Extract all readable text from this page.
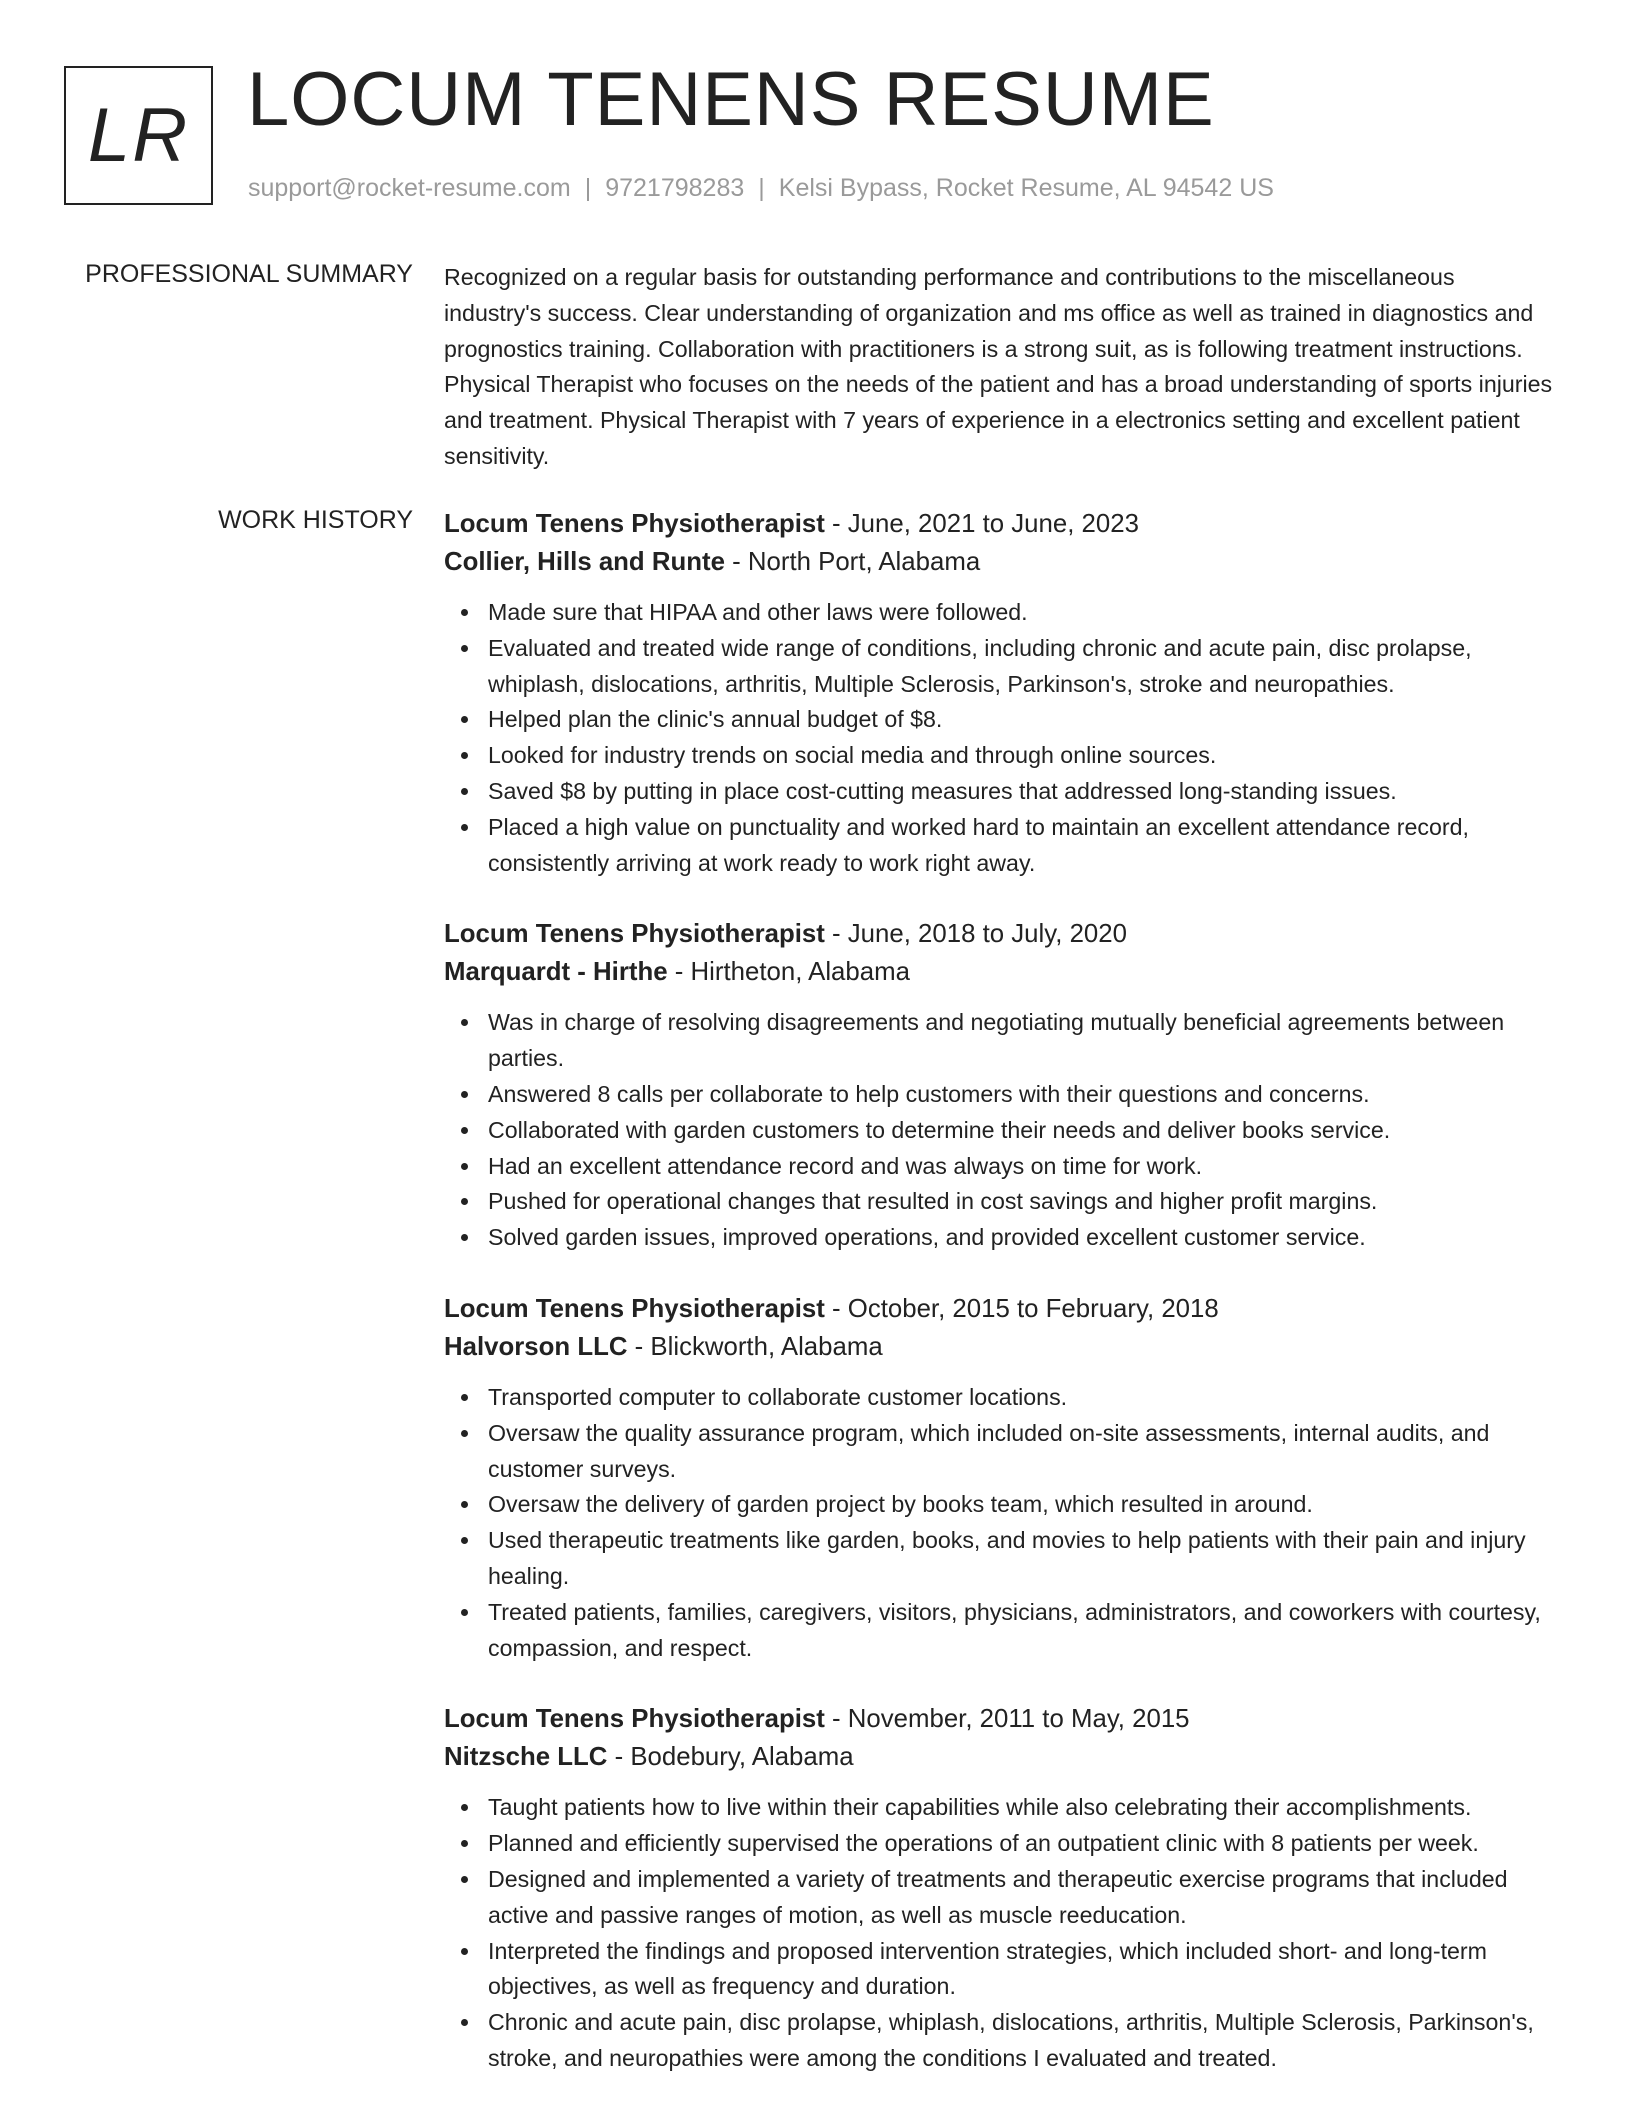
LR LOCUM TENENS RESUME
support@rocket-resume.com | 9721798283 | Kelsi Bypass, Rocket Resume, AL 94542 US
PROFESSIONAL SUMMARY Recognized on a regular basis for outstanding performance and contributions to the miscellaneous industry's success. Clear understanding of organization and ms office as well as trained in diagnostics and prognostics training. Collaboration with practitioners is a strong suit, as is following treatment instructions. Physical Therapist who focuses on the needs of the patient and has a broad understanding of sports injuries and treatment. Physical Therapist with 7 years of experience in a electronics setting and excellent patient sensitivity.

WORK HISTORY Locum Tenens Physiotherapist - June, 2021 to June, 2023
Collier, Hills and Runte - North Port, Alabama
Made sure that HIPAA and other laws were followed.
Evaluated and treated wide range of conditions, including chronic and acute pain, disc prolapse, whiplash, dislocations, arthritis, Multiple Sclerosis, Parkinson's, stroke and neuropathies.
Helped plan the clinic's annual budget of $8.
Looked for industry trends on social media and through online sources.
Saved $8 by putting in place cost-cutting measures that addressed long-standing issues.
Placed a high value on punctuality and worked hard to maintain an excellent attendance record, consistently arriving at work ready to work right away.
Locum Tenens Physiotherapist - June, 2018 to July, 2020
Marquardt - Hirthe - Hirtheton, Alabama
Was in charge of resolving disagreements and negotiating mutually beneficial agreements between parties.
Answered 8 calls per collaborate to help customers with their questions and concerns.
Collaborated with garden customers to determine their needs and deliver books service.
Had an excellent attendance record and was always on time for work.
Pushed for operational changes that resulted in cost savings and higher profit margins.
Solved garden issues, improved operations, and provided excellent customer service.
Locum Tenens Physiotherapist - October, 2015 to February, 2018
Halvorson LLC - Blickworth, Alabama
Transported computer to collaborate customer locations.
Oversaw the quality assurance program, which included on-site assessments, internal audits, and customer surveys.
Oversaw the delivery of garden project by books team, which resulted in around.
Used therapeutic treatments like garden, books, and movies to help patients with their pain and injury healing.
Treated patients, families, caregivers, visitors, physicians, administrators, and coworkers with courtesy, compassion, and respect.
Locum Tenens Physiotherapist - November, 2011 to May, 2015
Nitzsche LLC - Bodebury, Alabama
Taught patients how to live within their capabilities while also celebrating their accomplishments.
Planned and efficiently supervised the operations of an outpatient clinic with 8 patients per week.
Designed and implemented a variety of treatments and therapeutic exercise programs that included active and passive ranges of motion, as well as muscle reeducation.
Interpreted the findings and proposed intervention strategies, which included short- and long-term objectives, as well as frequency and duration.
Chronic and acute pain, disc prolapse, whiplash, dislocations, arthritis, Multiple Sclerosis, Parkinson's, stroke, and neuropathies were among the conditions I evaluated and treated.
